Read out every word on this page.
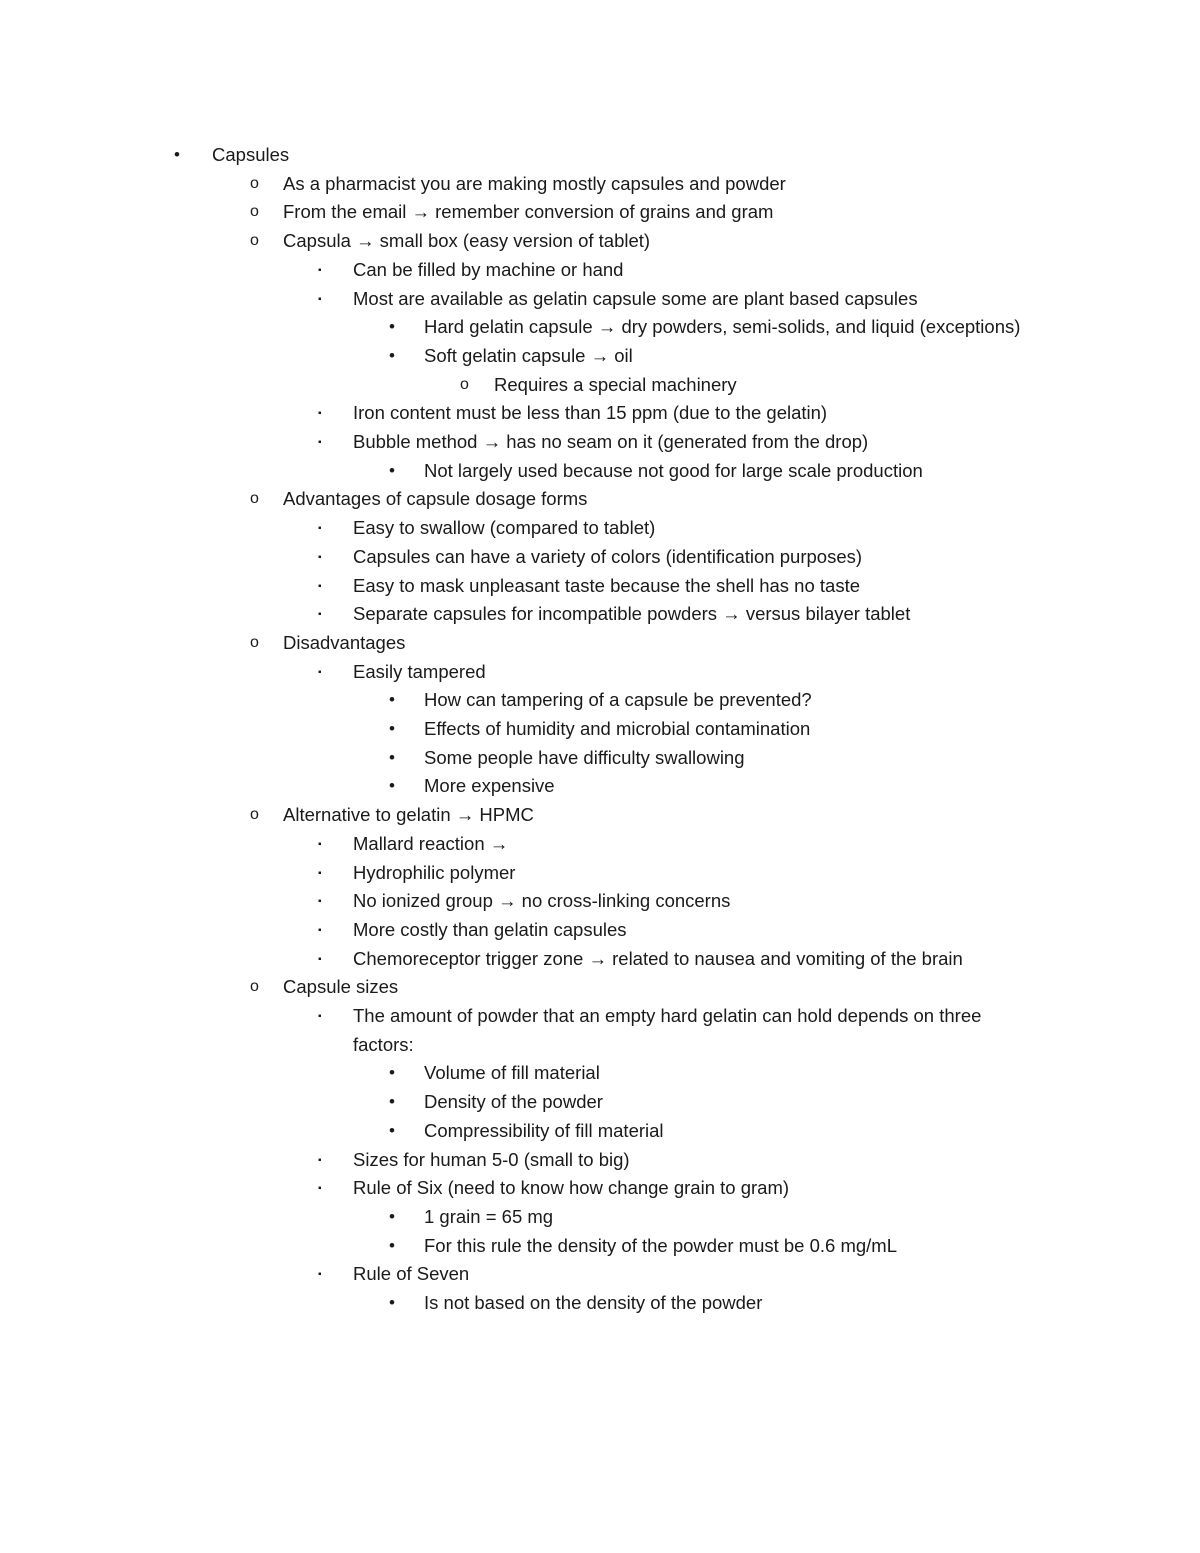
• Capsules
o As a pharmacist you are making mostly capsules and powder
o From the email → remember conversion of grains and gram
o Capsula → small box (easy version of tablet)
▪ Can be filled by machine or hand
▪ Most are available as gelatin capsule some are plant based capsules
• Hard gelatin capsule → dry powders, semi-solids, and liquid (exceptions)
• Soft gelatin capsule → oil
o Requires a special machinery
▪ Iron content must be less than 15 ppm (due to the gelatin)
▪ Bubble method → has no seam on it (generated from the drop)
• Not largely used because not good for large scale production
o Advantages of capsule dosage forms
▪ Easy to swallow (compared to tablet)
▪ Capsules can have a variety of colors (identification purposes)
▪ Easy to mask unpleasant taste because the shell has no taste
▪ Separate capsules for incompatible powders → versus bilayer tablet
o Disadvantages
▪ Easily tampered
• How can tampering of a capsule be prevented?
• Effects of humidity and microbial contamination
• Some people have difficulty swallowing
• More expensive
o Alternative to gelatin → HPMC
▪ Mallard reaction →
▪ Hydrophilic polymer
▪ No ionized group → no cross-linking concerns
▪ More costly than gelatin capsules
▪ Chemoreceptor trigger zone → related to nausea and vomiting of the brain
o Capsule sizes
▪ The amount of powder that an empty hard gelatin can hold depends on three
factors:
• Volume of fill material
• Density of the powder
• Compressibility of fill material
▪ Sizes for human 5-0 (small to big)
▪ Rule of Six (need to know how change grain to gram)
• 1 grain = 65 mg
• For this rule the density of the powder must be 0.6 mg/mL
▪ Rule of Seven
• Is not based on the density of the powder
